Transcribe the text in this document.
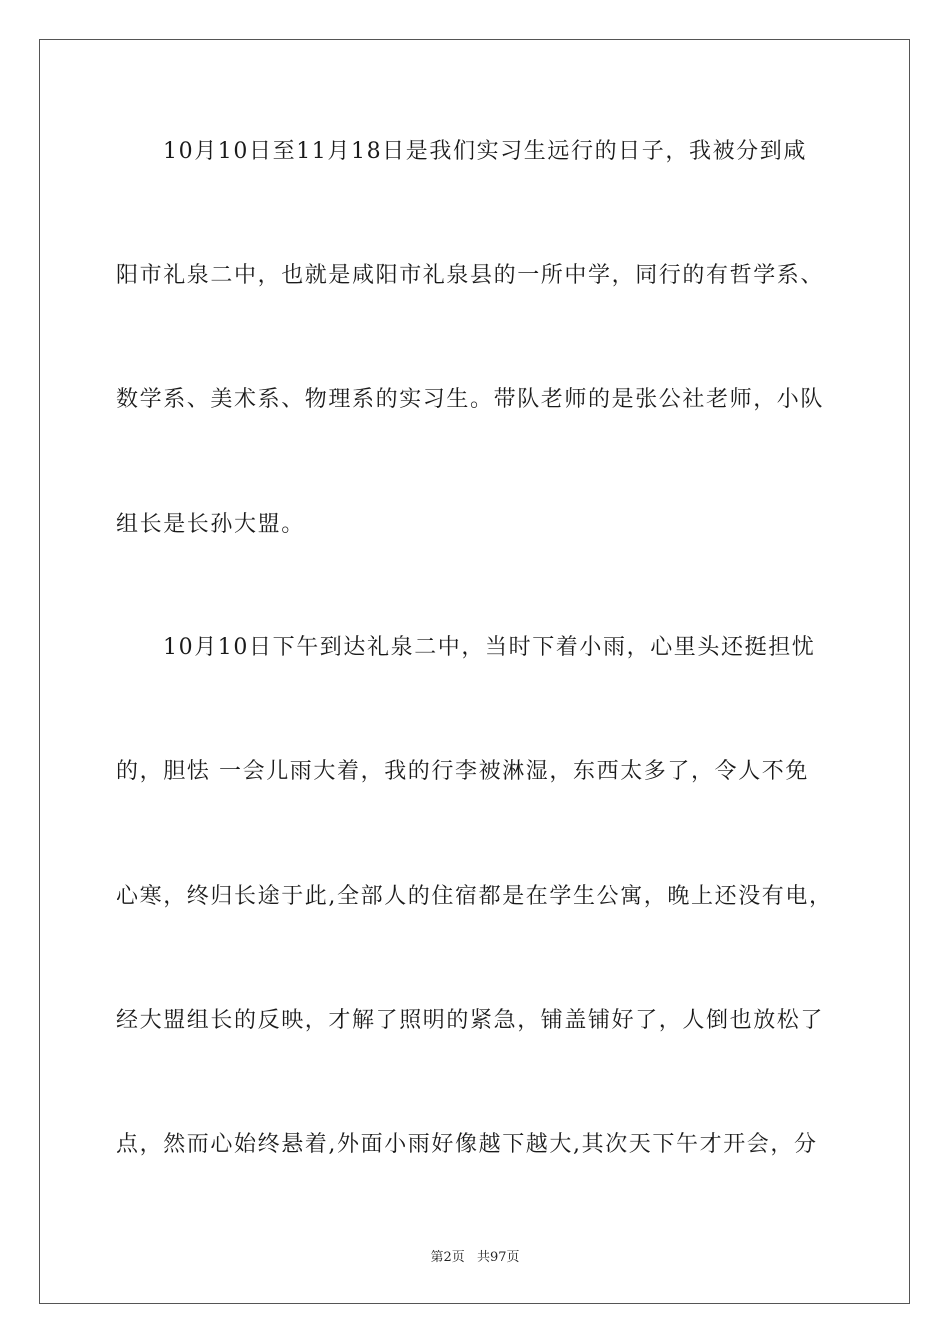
10月10日至11月18日是我们实习生远行的日子，我被分到咸
阳市礼泉二中，也就是咸阳市礼泉县的一所中学，同行的有哲学系、
数学系、美术系、物理系的实习生。带队老师的是张公社老师，小队
组长是长孙大盟。
10月10日下午到达礼泉二中，当时下着小雨，心里头还挺担忧
的，胆怯 一会儿雨大着，我的行李被淋湿，东西太多了，令人不免
心寒，终归长途于此,全部人的住宿都是在学生公寓，晚上还没有电，
经大盟组长的反映，才解了照明的紧急，铺盖铺好了，人倒也放松了
点，然而心始终悬着,外面小雨好像越下越大,其次天下午才开会，分
第2页 共97页
